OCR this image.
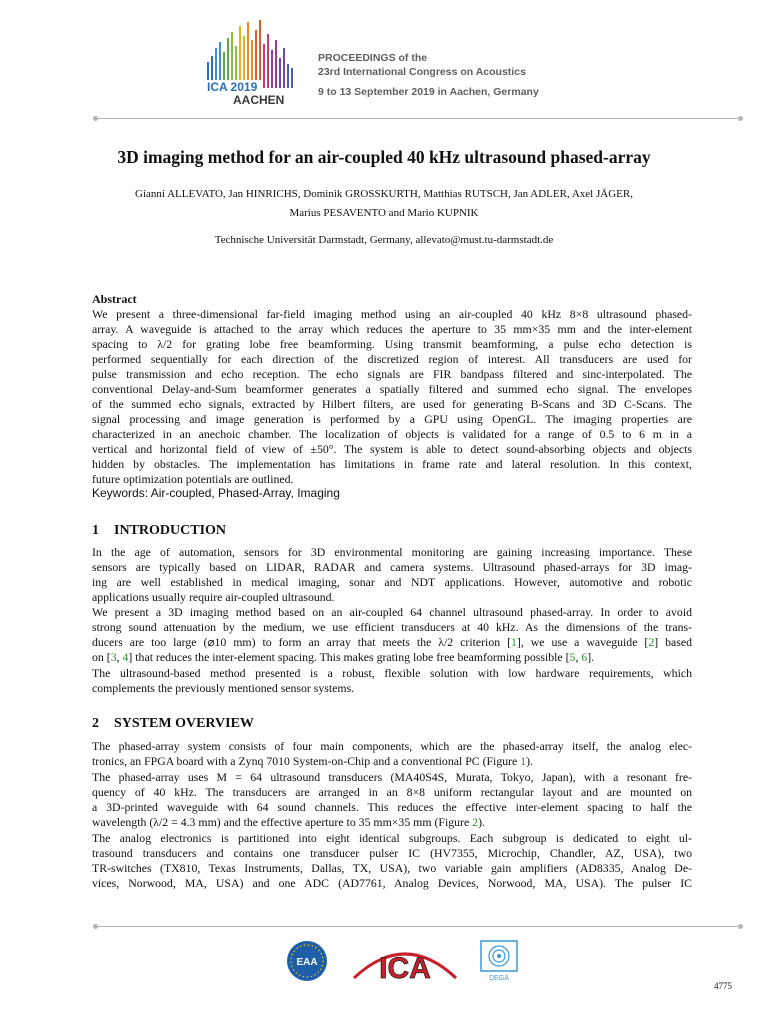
ICA 2019
AACHEN
PROCEEDINGS of the
23rd International Congress on Acoustics
9 to 13 September 2019 in Aachen, Germany
3D imaging method for an air-coupled 40 kHz ultrasound phased-array
Gianni ALLEVATO, Jan HINRICHS, Dominik GROSSKURTH, Matthias RUTSCH, Jan ADLER, Axel JÄGER,
Marius PESAVENTO and Mario KUPNIK
Technische Universität Darmstadt, Germany, allevato@must.tu-darmstadt.de
Abstract
We present a three-dimensional far-field imaging method using an air-coupled 40 kHz 8×8 ultrasound phased-
array. A waveguide is attached to the array which reduces the aperture to 35 mm×35 mm and the inter-element
spacing to λ/2 for grating lobe free beamforming. Using transmit beamforming, a pulse echo detection is
performed sequentially for each direction of the discretized region of interest. All transducers are used for
pulse transmission and echo reception. The echo signals are FIR bandpass filtered and sinc-interpolated. The
conventional Delay-and-Sum beamformer generates a spatially filtered and summed echo signal. The envelopes
of the summed echo signals, extracted by Hilbert filters, are used for generating B-Scans and 3D C-Scans. The
signal processing and image generation is performed by a GPU using OpenGL. The imaging properties are
characterized in an anechoic chamber. The localization of objects is validated for a range of 0.5 to 6 m in a
vertical and horizontal field of view of ±50°. The system is able to detect sound-absorbing objects and objects
hidden by obstacles. The implementation has limitations in frame rate and lateral resolution. In this context,
future optimization potentials are outlined.
Keywords: Air-coupled, Phased-Array, Imaging
1 INTRODUCTION
In the age of automation, sensors for 3D environmental monitoring are gaining increasing importance. These
sensors are typically based on LIDAR, RADAR and camera systems. Ultrasound phased-arrays for 3D imag-
ing are well established in medical imaging, sonar and NDT applications. However, automotive and robotic
applications usually require air-coupled ultrasound.
We present a 3D imaging method based on an air-coupled 64 channel ultrasound phased-array. In order to avoid
strong sound attenuation by the medium, we use efficient transducers at 40 kHz. As the dimensions of the trans-
ducers are too large (⌀10 mm) to form an array that meets the λ/2 criterion [1], we use a waveguide [2] based
on [3, 4] that reduces the inter-element spacing. This makes grating lobe free beamforming possible [5, 6].
The ultrasound-based method presented is a robust, flexible solution with low hardware requirements, which
complements the previously mentioned sensor systems.
2 SYSTEM OVERVIEW
The phased-array system consists of four main components, which are the phased-array itself, the analog elec-
tronics, an FPGA board with a Zynq 7010 System-on-Chip and a conventional PC (Figure 1).
The phased-array uses M = 64 ultrasound transducers (MA40S4S, Murata, Tokyo, Japan), with a resonant fre-
quency of 40 kHz. The transducers are arranged in an 8×8 uniform rectangular layout and are mounted on
a 3D-printed waveguide with 64 sound channels. This reduces the effective inter-element spacing to half the
wavelength (λ/2 = 4.3 mm) and the effective aperture to 35 mm×35 mm (Figure 2).
The analog electronics is partitioned into eight identical subgroups. Each subgroup is dedicated to eight ul-
trasound transducers and contains one transducer pulser IC (HV7355, Microchip, Chandler, AZ, USA), two
TR-switches (TX810, Texas Instruments, Dallas, TX, USA), two variable gain amplifiers (AD8335, Analog De-
vices, Norwood, MA, USA) and one ADC (AD7761, Analog Devices, Norwood, MA, USA). The pulser IC
EAA ICA	DEGA
4775
